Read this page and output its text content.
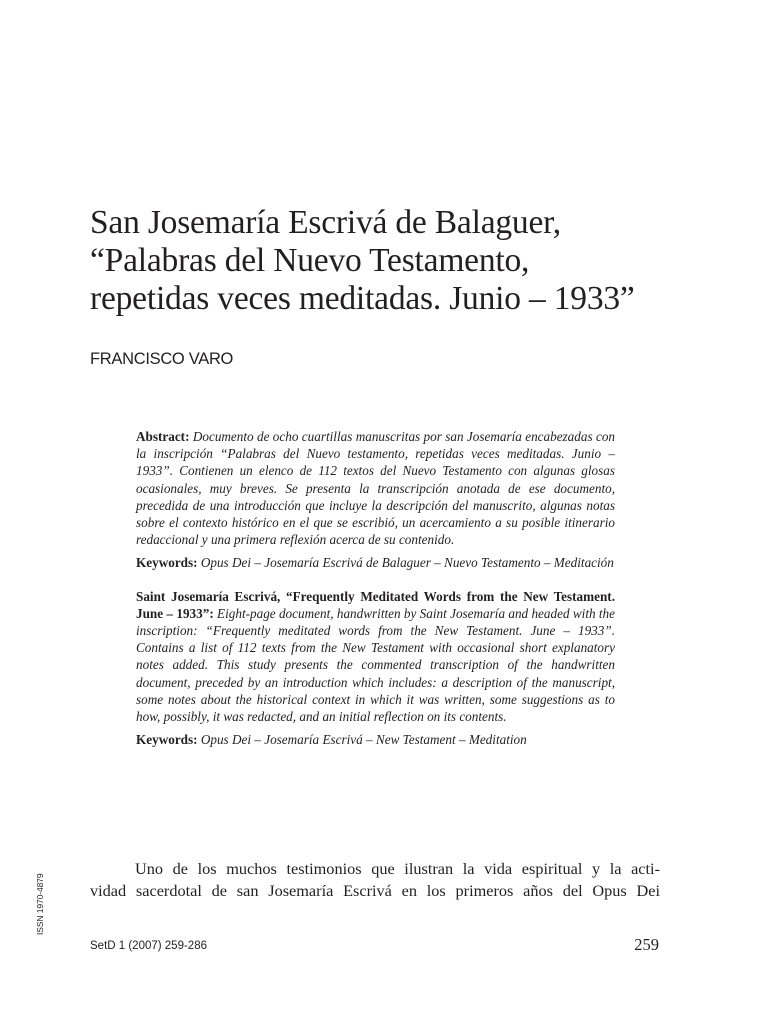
San Josemaría Escrivá de Balaguer,
“Palabras del Nuevo Testamento,
repetidas veces meditadas. Junio – 1933”
FRANCISCO VARO

Abstract: Documento de ocho cuartillas manuscritas por san Josemaría encabezadas con la inscripción “Palabras del Nuevo testamento, repetidas veces meditadas. Junio – 1933”. Contienen un elenco de 112 textos del Nuevo Testamento con algunas glosas ocasionales, muy breves. Se presenta la transcripción anotada de ese documento, precedida de una introducción que incluye la descripción del manuscrito, algunas notas sobre el contexto histórico en el que se escribió, un acercamiento a su posible itinerario redaccional y una primera reflexión acerca de su contenido.

Keywords: Opus Dei – Josemaría Escrivá de Balaguer – Nuevo Testamento – Meditación

Saint Josemaría Escrivá, “Frequently Meditated Words from the New Testament. June – 1933”: Eight-page document, handwritten by Saint Josemaría and headed with the inscription: “Frequently meditated words from the New Testament. June – 1933”. Contains a list of 112 texts from the New Testament with occasional short explanatory notes added. This study presents the commented transcription of the handwritten document, preceded by an introduction which includes: a description of the manuscript, some notes about the historical context in which it was written, some suggestions as to how, possibly, it was redacted, and an initial reflection on its contents.

Keywords: Opus Dei – Josemaría Escrivá – New Testament – Meditation

Uno de los muchos testimonios que ilustran la vida espiritual y la acti-
vidad sacerdotal de san Josemaría Escrivá en los primeros años del Opus Dei

ISSN 1970-4879
SetD 1 (2007) 259-286	259
